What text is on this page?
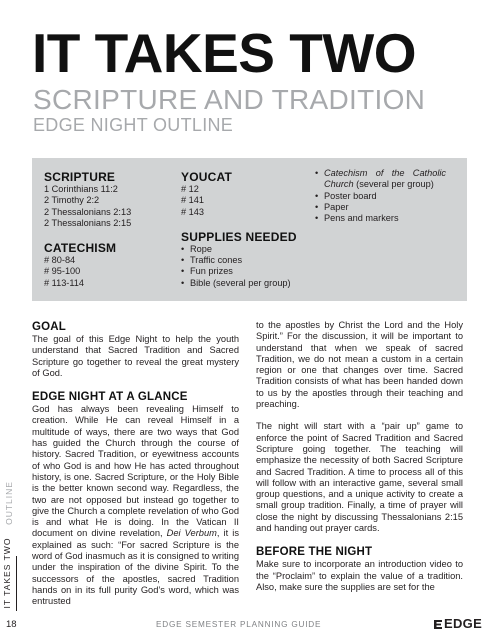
IT TAKES TWO
SCRIPTURE AND TRADITION
EDGE NIGHT OUTLINE
SCRIPTURE
1 Corinthians 11:2
2 Timothy 2:2
2 Thessalonians 2:13
2 Thessalonians 2:15
CATECHISM
# 80-84
# 95-100
# 113-114
YOUCAT
# 12
# 141
# 143
SUPPLIES NEEDED
• Rope
• Traffic cones
• Fun prizes
• Bible (several per group)
• Catechism of the Catholic Church (several per group)
• Poster board
• Paper
• Pens and markers
GOAL

The goal of this Edge Night to help the youth understand that Sacred Tradition and Sacred Scripture go together to reveal the great mystery of God.

EDGE NIGHT AT A GLANCE

God has always been revealing Himself to creation. While He can reveal Himself in a multitude of ways, there are two ways that God has guided the Church through the course of history. Sacred Tradition, or eyewitness accounts of who God is and how He has acted throughout history, is one. Sacred Scripture, or the Holy Bible is the better known second way. Regardless, the two are not opposed but instead go together to give the Church a complete revelation of who God is and what He is doing. In the Vatican II document on divine revelation, Dei Verbum, it is explained as such: “For sacred Scripture is the word of God inasmuch as it is consigned to writing under the inspiration of the divine Spirit. To the successors of the apostles, sacred Tradition hands on in its full purity God’s word, which was entrusted

to the apostles by Christ the Lord and the Holy Spirit.” For the discussion, it will be important to understand that when we speak of sacred Tradition, we do not mean a custom in a certain region or one that changes over time. Sacred Tradition consists of what has been handed down to us by the apostles through their teaching and preaching.

The night will start with a “pair up” game to enforce the point of Sacred Tradition and Sacred Scripture going together. The teaching will emphasize the necessity of both Sacred Scripture and Sacred Tradition. A time to process all of this will follow with an interactive game, several small group questions, and a unique activity to create a small group tradition. Finally, a time of prayer will close the night by discussing Thessalonians 2:15 and handing out prayer cards.

BEFORE THE NIGHT

Make sure to incorporate an introduction video to the “Proclaim” to explain the value of a tradition. Also, make sure the supplies are set for the

OUTLINE
IT TAKES TWO
18	EDGE SEMESTER PLANNING GUIDE	EDGE
